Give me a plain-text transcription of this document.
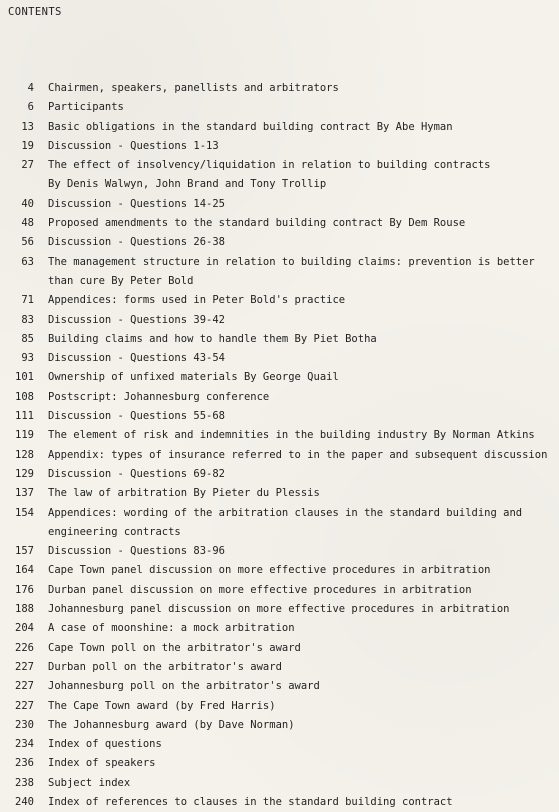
CONTENTS
4	Chairmen, speakers, panellists and arbitrators
6	Participants
13	Basic obligations in the standard building contract By Abe Hyman
19	Discussion - Questions 1-13
27	The effect of insolvency/liquidation in relation to building contracts
By Denis Walwyn, John Brand and Tony Trollip
40	Discussion - Questions 14-25
48	Proposed amendments to the standard building contract By Dem Rouse
56	Discussion - Questions 26-38
63	The management structure in relation to building claims: prevention is better
than cure By Peter Bold
71	Appendices: forms used in Peter Bold's practice
83	Discussion - Questions 39-42
85	Building claims and how to handle them By Piet Botha
93	Discussion - Questions 43-54
101	Ownership of unfixed materials By George Quail
108	Postscript: Johannesburg conference
111	Discussion - Questions 55-68
119	The element of risk and indemnities in the building industry By Norman Atkins
128	Appendix: types of insurance referred to in the paper and subsequent discussion
129	Discussion - Questions 69-82
137	The law of arbitration By Pieter du Plessis
154	Appendices: wording of the arbitration clauses in the standard building and
engineering contracts
157	Discussion - Questions 83-96
164	Cape Town panel discussion on more effective procedures in arbitration
176	Durban panel discussion on more effective procedures in arbitration
188	Johannesburg panel discussion on more effective procedures in arbitration
204	A case of moonshine: a mock arbitration
226	Cape Town poll on the arbitrator's award
227	Durban poll on the arbitrator's award
227	Johannesburg poll on the arbitrator's award
227	The Cape Town award (by Fred Harris)
230	The Johannesburg award (by Dave Norman)
234	Index of questions
236	Index of speakers
238	Subject index
240	Index of references to clauses in the standard building contract
